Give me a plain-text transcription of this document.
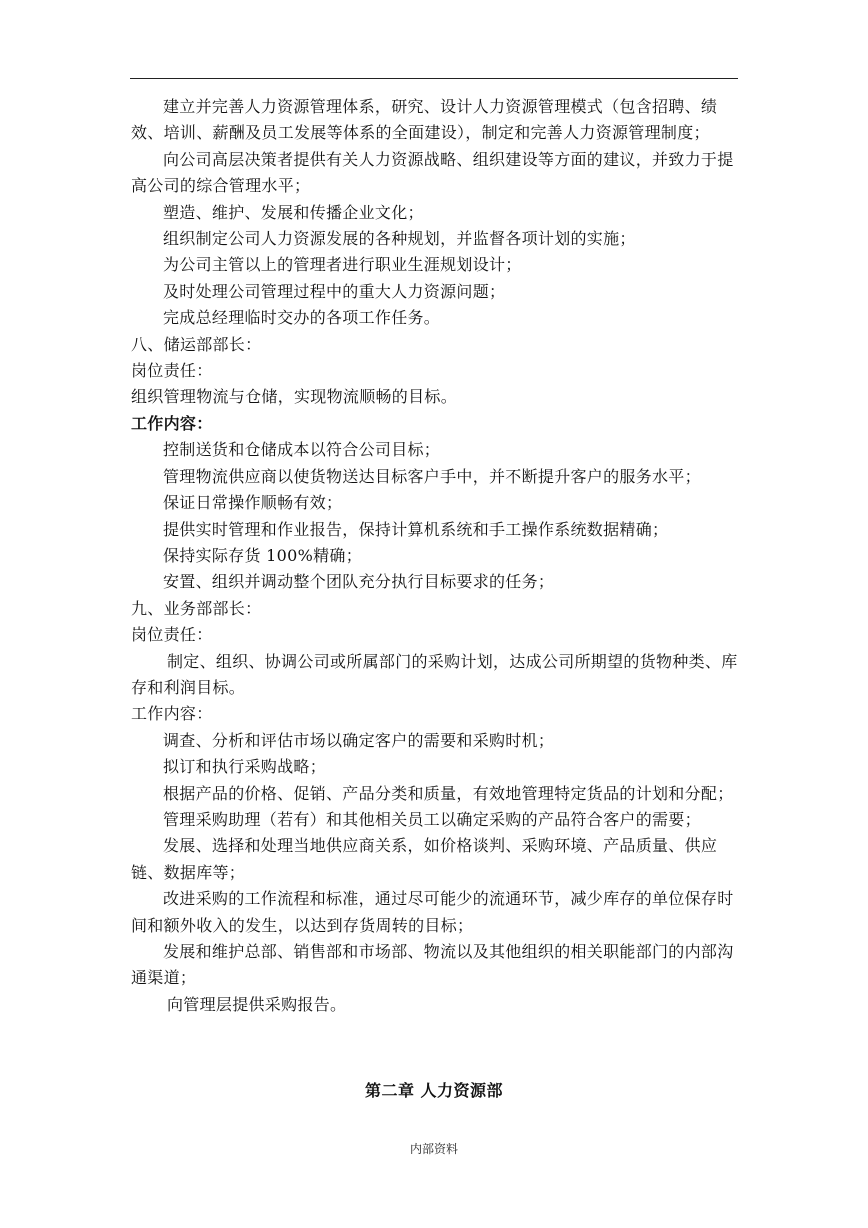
建立并完善人力资源管理体系，研究、设计人力资源管理模式（包含招聘、绩效、培训、薪酬及员工发展等体系的全面建设），制定和完善人力资源管理制度；

向公司高层决策者提供有关人力资源战略、组织建设等方面的建议，并致力于提高公司的综合管理水平；

塑造、维护、发展和传播企业文化；

组织制定公司人力资源发展的各种规划，并监督各项计划的实施；

为公司主管以上的管理者进行职业生涯规划设计；

及时处理公司管理过程中的重大人力资源问题；

完成总经理临时交办的各项工作任务。

八、储运部部长：

岗位责任：

组织管理物流与仓储，实现物流顺畅的目标。

工作内容：

控制送货和仓储成本以符合公司目标；

管理物流供应商以使货物送达目标客户手中，并不断提升客户的服务水平；

保证日常操作顺畅有效；

提供实时管理和作业报告，保持计算机系统和手工操作系统数据精确；

保持实际存货 100%精确；

安置、组织并调动整个团队充分执行目标要求的任务；

九、业务部部长：

岗位责任：

制定、组织、协调公司或所属部门的采购计划，达成公司所期望的货物种类、库存和利润目标。

工作内容：

调查、分析和评估市场以确定客户的需要和采购时机；

拟订和执行采购战略；

根据产品的价格、促销、产品分类和质量，有效地管理特定货品的计划和分配；

管理采购助理（若有）和其他相关员工以确定采购的产品符合客户的需要；

发展、选择和处理当地供应商关系，如价格谈判、采购环境、产品质量、供应链、数据库等；

改进采购的工作流程和标准，通过尽可能少的流通环节，减少库存的单位保存时间和额外收入的发生，以达到存货周转的目标；

发展和维护总部、销售部和市场部、物流以及其他组织的相关职能部门的内部沟通渠道；

向管理层提供采购报告。

第二章 人力资源部
内部资料
